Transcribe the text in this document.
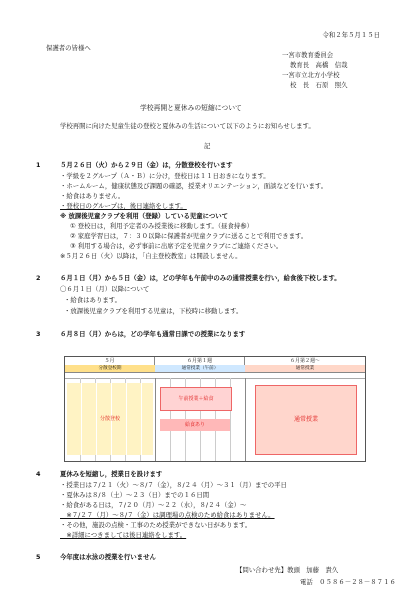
令和２年５月１５日
保護者の皆様へ
一宮市教育委員会
教育長　高橋　信哉
一宮市立北方小学校
校　長　石原　照久
学校再開と夏休みの短縮について
学校再開に向けた児童生徒の登校と夏休みの生活について以下のようにお知らせします。
記
1	５月２６日（火）から２９日（金）は，分散登校を行います
・学級を２グループ（Ａ・Ｂ）に分け，登校日は１１日おきになります。
・ホームルーム，健康状態及び課題の確認，授業オリエンテーション，面談などを行います。
・給食はありません。
・登校日のグループは，後日連絡をします。
※ 放課後児童クラブを利用（登録）している児童について
① 登校日は，利用予定者のみ授業後に移動します。（昼食持参）
② 家庭学習日は，７：３０以降に保護者が児童クラブに送ることで利用できます。
③ 利用する場合は，必ず事前に出席予定を児童クラブにご連絡ください。
※５月２６日（火）以降は，「自主登校教室」は開設しません。
2	６月１日（月）から５日（金）は，どの学年も午前中のみの通常授業を行い，給食後下校します。
〇６月１日（月）以降について
・給食はあります。
・放課後児童クラブを利用する児童は，下校時に移動します。
3	６月８日（月）からは，どの学年も通常日課での授業になります
５月	６月第１週	６月第２週～
分散登校期	通常授業（午前）	通常授業
分散登校
午前授業＋給食
給食あり
通常授業
4	夏休みを短縮し，授業日を設けます
・授業日は７/２１（火）～８/７（金），８/２４（月）～３１（月）までの平日
・夏休みは８/８（土）～２３（日）までの１６日間
・給食がある日は，７/２０（月）～２２（水），８/２４（金）～
　※７/２７（月）～８/７（金）は調理場の点検のため給食はありません。
・その他，施設の点検・工事のため授業ができない日があります。
　※詳細につきましては後日連絡をします。
5	今年度は水泳の授業を行いません
【問い合わせ先】教頭　加藤　貴久
電話　０５８６－２８－８７１６
